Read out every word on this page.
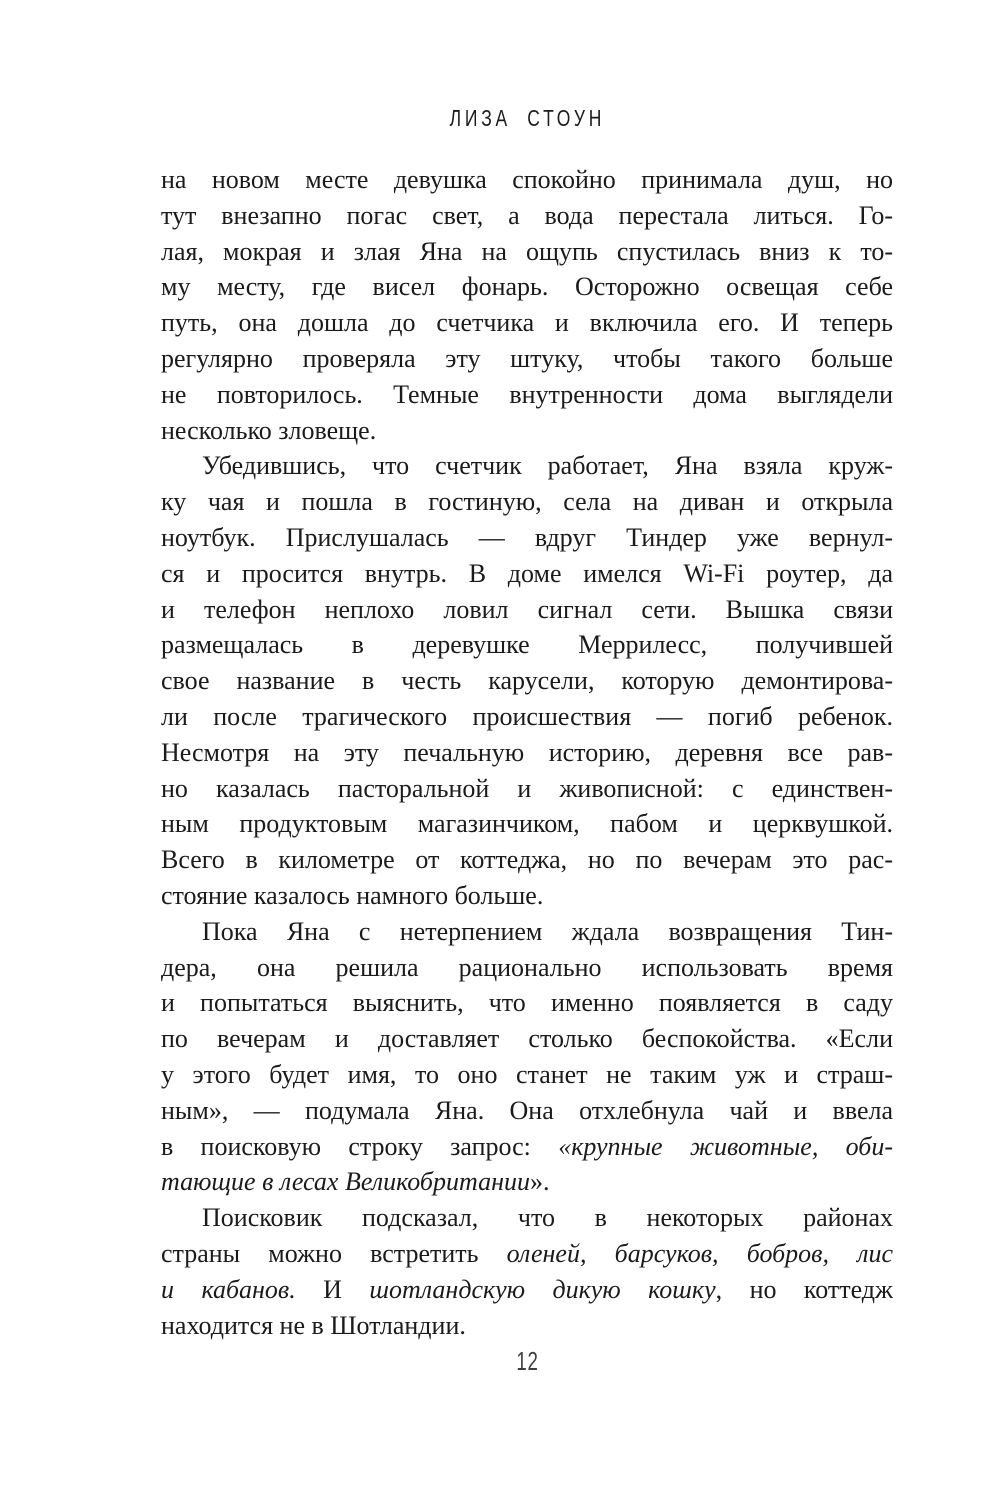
ЛИЗА СТОУН
на новом месте девушка спокойно принимала душ, но
тут внезапно погас свет, а вода перестала литься. Го-
лая, мокрая и злая Яна на ощупь спустилась вниз к то-
му месту, где висел фонарь. Осторожно освещая себе
путь, она дошла до счетчика и включила его. И теперь
регулярно проверяла эту штуку, чтобы такого больше
не повторилось. Темные внутренности дома выглядели
несколько зловеще.
Убедившись, что счетчик работает, Яна взяла круж-
ку чая и пошла в гостиную, села на диван и открыла
ноутбук. Прислушалась — вдруг Тиндер уже вернул-
ся и просится внутрь. В доме имелся Wi-Fi роутер, да
и телефон неплохо ловил сигнал сети. Вышка связи
размещалась в деревушке Меррилесс, получившей
свое название в честь карусели, которую демонтирова-
ли после трагического происшествия — погиб ребенок.
Несмотря на эту печальную историю, деревня все рав-
но казалась пасторальной и живописной: с единствен-
ным продуктовым магазинчиком, пабом и церквушкой.
Всего в километре от коттеджа, но по вечерам это рас-
стояние казалось намного больше.
Пока Яна с нетерпением ждала возвращения Тин-
дера, она решила рационально использовать время
и попытаться выяснить, что именно появляется в саду
по вечерам и доставляет столько беспокойства. «Если
у этого будет имя, то оно станет не таким уж и страш-
ным», — подумала Яна. Она отхлебнула чай и ввела
в поисковую строку запрос: «крупные животные, оби-
тающие в лесах Великобритании».
Поисковик подсказал, что в некоторых районах
страны можно встретить оленей, барсуков, бобров, лис
и кабанов. И шотландскую дикую кошку, но коттедж
находится не в Шотландии.
12
